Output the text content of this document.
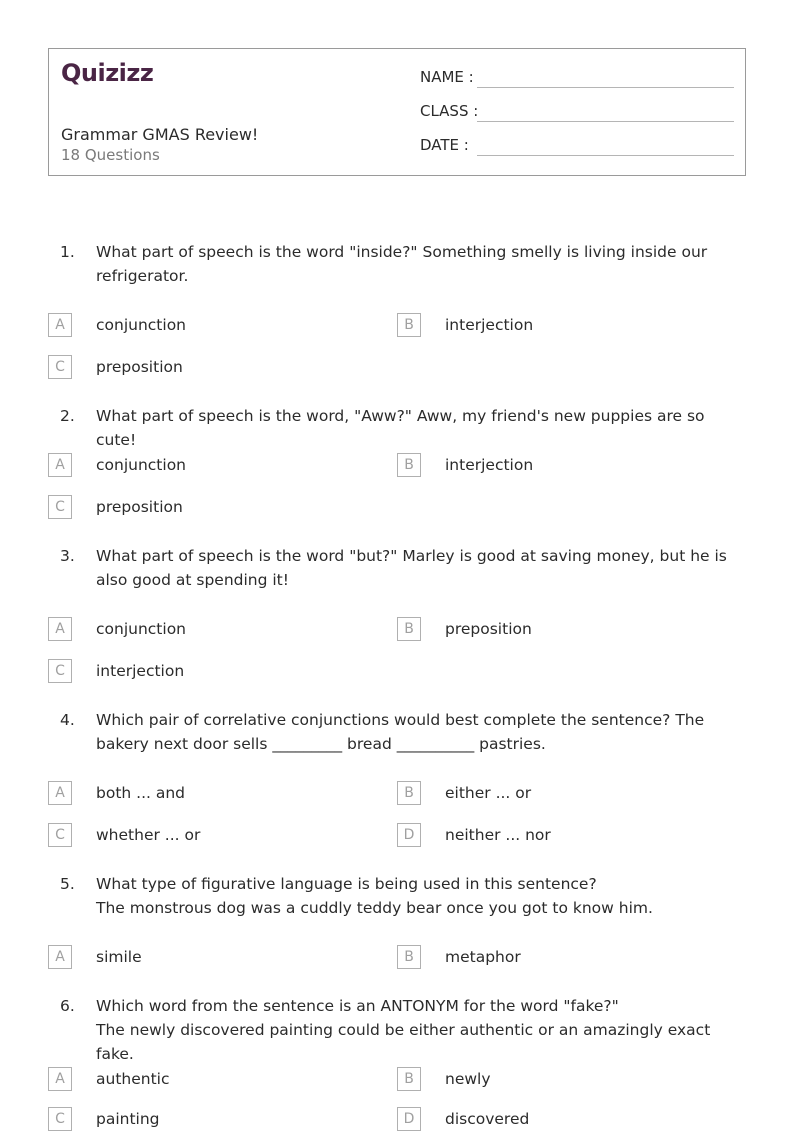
Quizizz
Grammar GMAS Review!
18 Questions
NAME :
CLASS :
DATE :
1. What part of speech is the word "inside?" Something smelly is living inside our refrigerator.
A	conjunction	B	interjection
C	preposition
2. What part of speech is the word, "Aww?" Aww, my friend's new puppies are so cute!
A	conjunction	B	interjection
C	preposition
3. What part of speech is the word "but?" Marley is good at saving money, but he is also good at spending it!
A	conjunction	B	preposition
C	interjection
4. Which pair of correlative conjunctions would best complete the sentence? The bakery next door sells _________ bread __________ pastries.
A	both ... and	B	either ... or
C	whether ... or	D	neither ... nor
5. What type of figurative language is being used in this sentence?
The monstrous dog was a cuddly teddy bear once you got to know him.
A	simile	B	metaphor
6. Which word from the sentence is an ANTONYM for the word "fake?"
The newly discovered painting could be either authentic or an amazingly exact fake.
A	authentic	B	newly
C	painting	D	discovered
